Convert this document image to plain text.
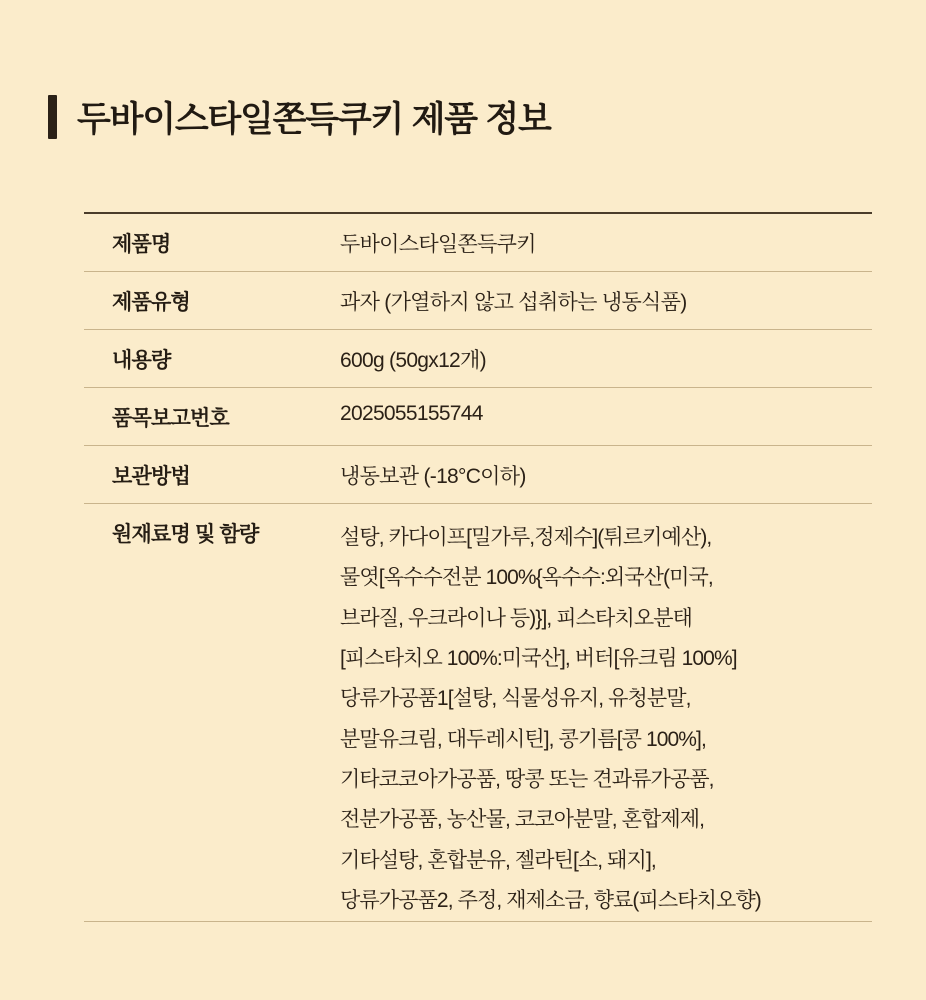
두바이스타일쫀득쿠키 제품 정보
제품명	두바이스타일쫀득쿠키
제품유형	과자 (가열하지 않고 섭취하는 냉동식품)
내용량	600g (50gx12개)
품목보고번호	2025055155744
보관방법	냉동보관 (-18°C이하)
원재료명 및 함량	설탕, 카다이프[밀가루,정제수](튀르키예산),
물엿[옥수수전분 100%{옥수수:외국산(미국,
브라질, 우크라이나 등)}], 피스타치오분태
[피스타치오 100%:미국산], 버터[유크림 100%]
당류가공품1[설탕, 식물성유지, 유청분말,
분말유크림, 대두레시틴], 콩기름[콩 100%],
기타코코아가공품, 땅콩 또는 견과류가공품,
전분가공품, 농산물, 코코아분말, 혼합제제,
기타설탕, 혼합분유, 젤라틴[소, 돼지],
당류가공품2, 주정, 재제소금, 향료(피스타치오향)
